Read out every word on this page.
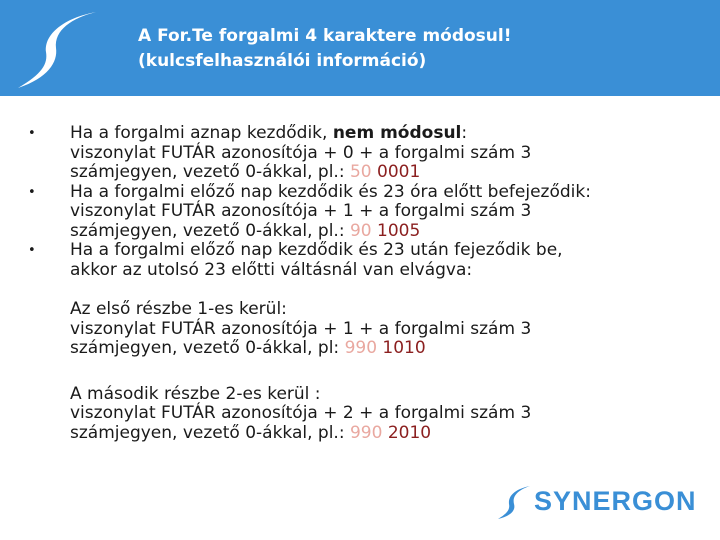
A For.Te forgalmi 4 karaktere módosul!
(kulcsfelhasználói információ)
•	Ha a forgalmi aznap kezdődik, nem módosul:
viszonylat FUTÁR azonosítója + 0 + a forgalmi szám 3
számjegyen, vezető 0-ákkal, pl.: 50 0001
•	Ha a forgalmi előző nap kezdődik és 23 óra előtt befejeződik:
viszonylat FUTÁR azonosítója + 1 + a forgalmi szám 3
számjegyen, vezető 0-ákkal, pl.: 90 1005
•	Ha a forgalmi előző nap kezdődik és 23 után fejeződik be,
akkor az utolsó 23 előtti váltásnál van elvágva:
Az első részbe 1-es kerül:
viszonylat FUTÁR azonosítója + 1 + a forgalmi szám 3
számjegyen, vezető 0-ákkal, pl: 990 1010
A második részbe 2-es kerül :
viszonylat FUTÁR azonosítója + 2 + a forgalmi szám 3
számjegyen, vezető 0-ákkal, pl.: 990 2010
SYNERGON
